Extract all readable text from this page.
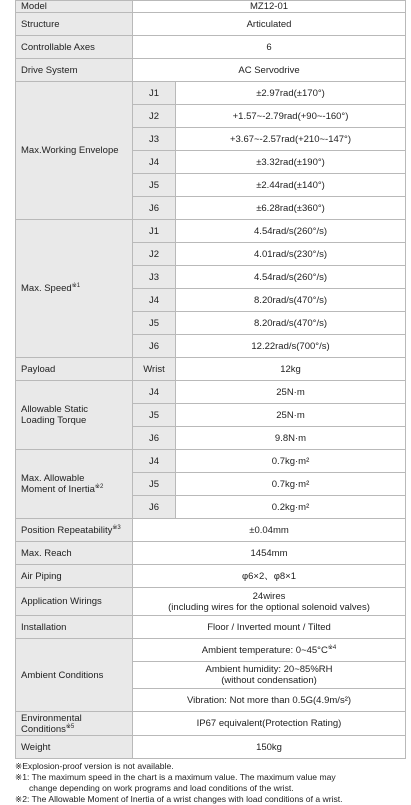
Model	MZ12-01	
Structure	Articulated	
Controllable Axes	6	
Drive System	AC Servodrive	
Max.Working Envelope	J1	±2.97rad(±170°)
	J2	+1.57~-2.79rad(+90~-160°)
	J3	+3.67~-2.57rad(+210~-147°)
	J4	±3.32rad(±190°)
	J5	±2.44rad(±140°)
	J6	±6.28rad(±360°)
Max. Speed$^{※1}$	J1	4.54rad/s(260°/s)
	J2	4.01rad/s(230°/s)
	J3	4.54rad/s(260°/s)
	J4	8.20rad/s(470°/s)
	J5	8.20rad/s(470°/s)
	J6	12.22rad/s(700°/s)
Payload	Wrist	12kg
Allowable Static
Loading Torque	J4	25N·m
	J5	25N·m
	J6	9.8N·m
Max. Allowable
Moment of Inertia$^{※2}$	J4	0.7kg·m²
	J5	0.7kg·m²
	J6	0.2kg·m²
Position Repeatability$^{※3}$	±0.04mm	
Max. Reach	1454mm	
Air Piping	φ6×2、φ8×1	
Application Wirings	24wires
(including wires for the optional solenoid valves)	
Installation	Floor / Inverted mount / Tilted	
Ambient Conditions	Ambient temperature: $0\sim 45^\circ C^{※4}$
	Ambient humidity: 20~85%RH
(without condensation)	
	Vibration: Not more than 0.5G(4.9m/s²)	
Environmental
Conditions$^{※5}$	IP67 equivalent(Protection Rating)	
Weight	150kg	
※Explosion-proof version is not available.
※1: The maximum speed in the chart is a maximum value. The maximum value may
change depending on work programs and load conditions of the wrist.
※2: The Allowable Moment of Inertia of a wrist changes with load conditions of a wrist.
